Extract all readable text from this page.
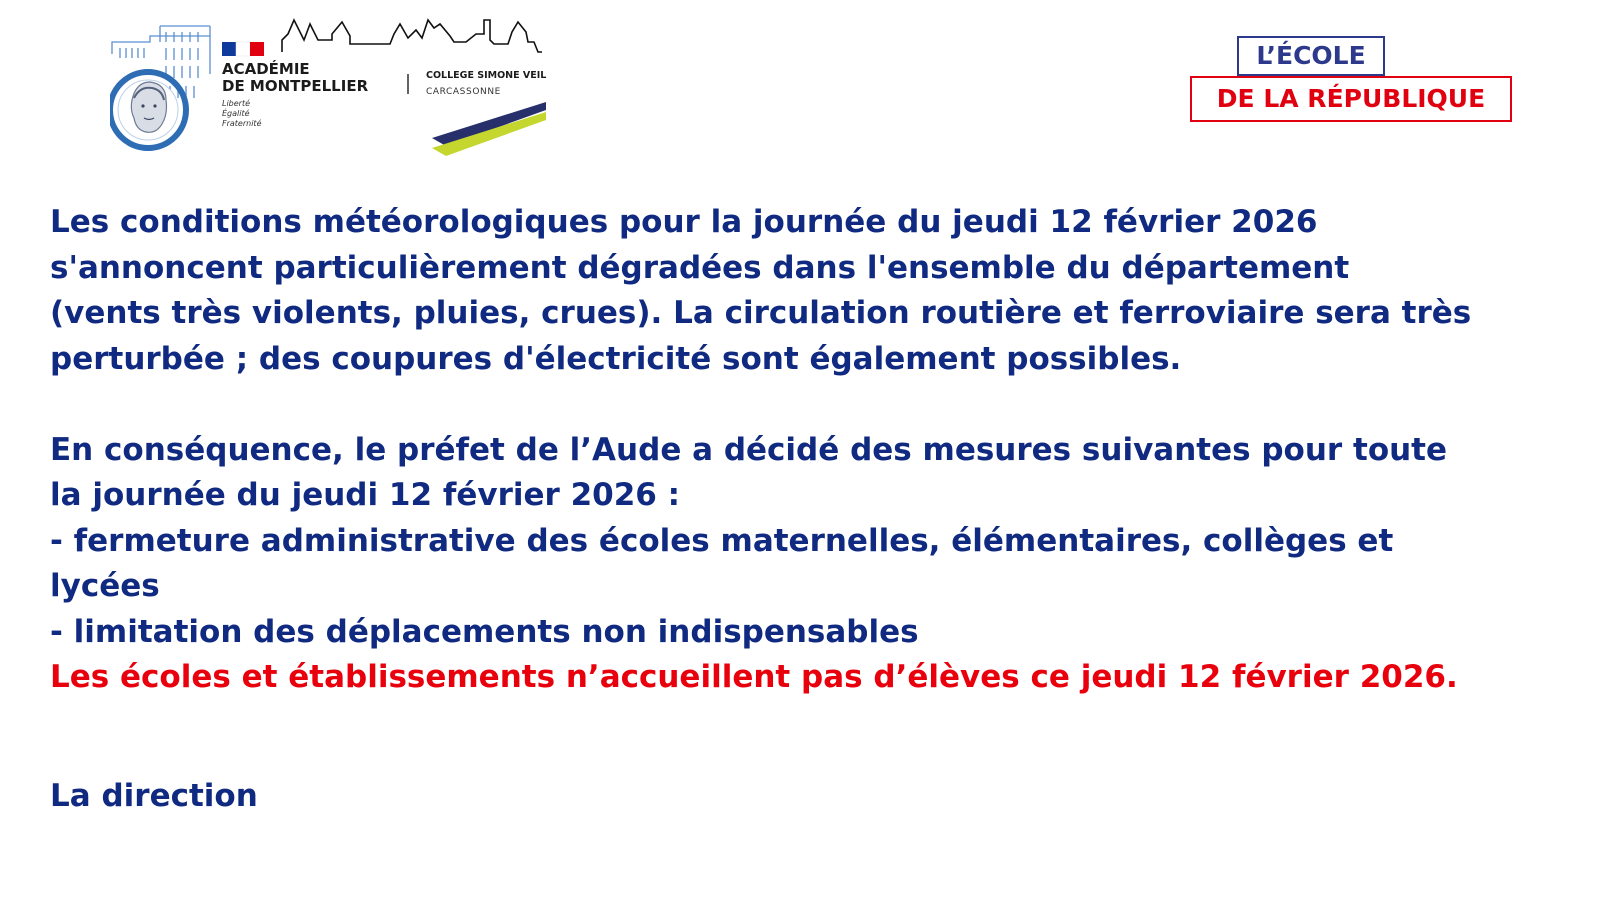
ACADÉMIE
DE MONTPELLIER
Liberté
Égalité
Fraternité
COLLEGE SIMONE VEIL
CARCASSONNE
L’ÉCOLE
DE LA RÉPUBLIQUE

Les conditions météorologiques pour la journée du jeudi 12 février 2026

s'annoncent particulièrement dégradées dans l'ensemble du département

(vents très violents, pluies, crues). La circulation routière et ferroviaire sera très

perturbée ; des coupures d'électricité sont également possibles.

En conséquence, le préfet de l’Aude a décidé des mesures suivantes pour toute

la journée du jeudi 12 février 2026 :

- fermeture administrative des écoles maternelles, élémentaires, collèges et

lycées

- limitation des déplacements non indispensables

Les écoles et établissements n’accueillent pas d’élèves ce jeudi 12 février 2026.

La direction
